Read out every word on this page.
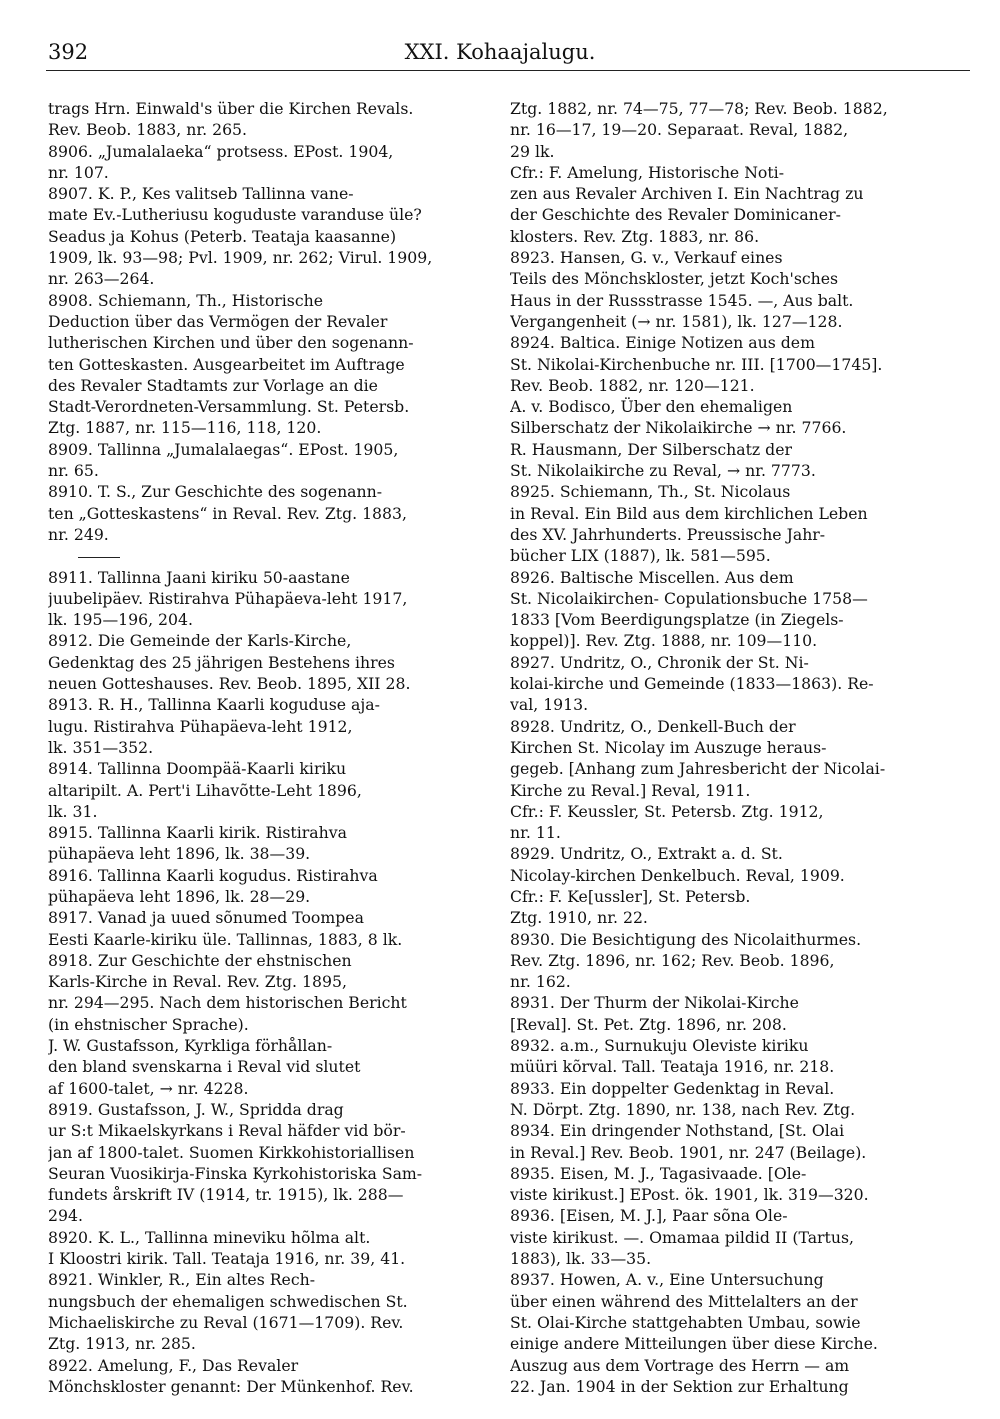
392	XXI. Kohaajalugu.
trags Hrn. Einwald's über die Kirchen Revals.
Rev. Beob. 1883, nr. 265.
8906. „Jumalalaeka“ protsess. EPost. 1904,
nr. 107.
8907. K. P., Kes valitseb Tallinna vane-
mate Ev.-Lutheriusu koguduste varanduse üle?
Seadus ja Kohus (Peterb. Teataja kaasanne)
1909, lk. 93—98; Pvl. 1909, nr. 262; Virul. 1909,
nr. 263—264.
8908. Schiemann, Th., Historische
Deduction über das Vermögen der Revaler
lutherischen Kirchen und über den sogenann-
ten Gotteskasten. Ausgearbeitet im Auftrage
des Revaler Stadtamts zur Vorlage an die
Stadt-Verordneten-Versammlung. St. Petersb.
Ztg. 1887, nr. 115—116, 118, 120.
8909. Tallinna „Jumalalaegas“. EPost. 1905,
nr. 65.
8910. T. S., Zur Geschichte des sogenann-
ten „Gotteskastens“ in Reval. Rev. Ztg. 1883,
nr. 249.
8911. Tallinna Jaani kiriku 50-aastane
juubelipäev. Ristirahva Pühapäeva-leht 1917,
lk. 195—196, 204.
8912. Die Gemeinde der Karls-Kirche,
Gedenktag des 25 jährigen Bestehens ihres
neuen Gotteshauses. Rev. Beob. 1895, XII 28.
8913. R. H., Tallinna Kaarli koguduse aja-
lugu. Ristirahva Pühapäeva-leht 1912,
lk. 351—352.
8914. Tallinna Doompää-Kaarli kiriku
altaripilt. A. Pert'i Lihavõtte-Leht 1896,
lk. 31.
8915. Tallinna Kaarli kirik. Ristirahva
pühapäeva leht 1896, lk. 38—39.
8916. Tallinna Kaarli kogudus. Ristirahva
pühapäeva leht 1896, lk. 28—29.
8917. Vanad ja uued sõnumed Toompea
Eesti Kaarle-kiriku üle. Tallinnas, 1883, 8 lk.
8918. Zur Geschichte der ehstnischen
Karls-Kirche in Reval. Rev. Ztg. 1895,
nr. 294—295. Nach dem historischen Bericht
(in ehstnischer Sprache).
J. W. Gustafsson, Kyrkliga förhållan-
den bland svenskarna i Reval vid slutet
af 1600-talet, → nr. 4228.
8919. Gustafsson, J. W., Spridda drag
ur S:t Mikaelskyrkans i Reval häfder vid bör-
jan af 1800-talet. Suomen Kirkkohistoriallisen
Seuran Vuosikirja-Finska Kyrkohistoriska Sam-
fundets årskrift IV (1914, tr. 1915), lk. 288—
294.
8920. K. L., Tallinna mineviku hõlma alt.
I Kloostri kirik. Tall. Teataja 1916, nr. 39, 41.
8921. Winkler, R., Ein altes Rech-
nungsbuch der ehemaligen schwedischen St.
Michaeliskirche zu Reval (1671—1709). Rev.
Ztg. 1913, nr. 285.
8922. Amelung, F., Das Revaler
Mönchskloster genannt: Der Münkenhof. Rev.
Ztg. 1882, nr. 74—75, 77—78; Rev. Beob. 1882,
nr. 16—17, 19—20. Separaat. Reval, 1882,
29 lk.
Cfr.: F. Amelung, Historische Noti-
zen aus Revaler Archiven I. Ein Nachtrag zu
der Geschichte des Revaler Dominicaner-
klosters. Rev. Ztg. 1883, nr. 86.
8923. Hansen, G. v., Verkauf eines
Teils des Mönchskloster, jetzt Koch'sches
Haus in der Russstrasse 1545. —, Aus balt.
Vergangenheit (→ nr. 1581), lk. 127—128.
8924. Baltica. Einige Notizen aus dem
St. Nikolai-Kirchenbuche nr. III. [1700—1745].
Rev. Beob. 1882, nr. 120—121.
A. v. Bodisco, Über den ehemaligen
Silberschatz der Nikolaikirche → nr. 7766.
R. Hausmann, Der Silberschatz der
St. Nikolaikirche zu Reval, → nr. 7773.
8925. Schiemann, Th., St. Nicolaus
in Reval. Ein Bild aus dem kirchlichen Leben
des XV. Jahrhunderts. Preussische Jahr-
bücher LIX (1887), lk. 581—595.
8926. Baltische Miscellen. Aus dem
St. Nicolaikirchen- Copulationsbuche 1758—
1833 [Vom Beerdigungsplatze (in Ziegels-
koppel)]. Rev. Ztg. 1888, nr. 109—110.
8927. Undritz, O., Chronik der St. Ni-
kolai-kirche und Gemeinde (1833—1863). Re-
val, 1913.
8928. Undritz, O., Denkell-Buch der
Kirchen St. Nicolay im Auszuge heraus-
gegeb. [Anhang zum Jahresbericht der Nicolai-
Kirche zu Reval.] Reval, 1911.
Cfr.: F. Keussler, St. Petersb. Ztg. 1912,
nr. 11.
8929. Undritz, O., Extrakt a. d. St.
Nicolay-kirchen Denkelbuch. Reval, 1909.
Cfr.: F. Ke[ussler], St. Petersb.
Ztg. 1910, nr. 22.
8930. Die Besichtigung des Nicolaithurmes.
Rev. Ztg. 1896, nr. 162; Rev. Beob. 1896,
nr. 162.
8931. Der Thurm der Nikolai-Kirche
[Reval]. St. Pet. Ztg. 1896, nr. 208.
8932. a.m., Surnukuju Oleviste kiriku
müüri kõrval. Tall. Teataja 1916, nr. 218.
8933. Ein doppelter Gedenktag in Reval.
N. Dörpt. Ztg. 1890, nr. 138, nach Rev. Ztg.
8934. Ein dringender Nothstand, [St. Olai
in Reval.] Rev. Beob. 1901, nr. 247 (Beilage).
8935. Eisen, M. J., Tagasivaade. [Ole-
viste kirikust.] EPost. ök. 1901, lk. 319—320.
8936. [Eisen, M. J.], Paar sõna Ole-
viste kirikust. —. Omamaa pildid II (Tartus,
1883), lk. 33—35.
8937. Howen, A. v., Eine Untersuchung
über einen während des Mittelalters an der
St. Olai-Kirche stattgehabten Umbau, sowie
einige andere Mitteilungen über diese Kirche.
Auszug aus dem Vortrage des Herrn — am
22. Jan. 1904 in der Sektion zur Erhaltung
